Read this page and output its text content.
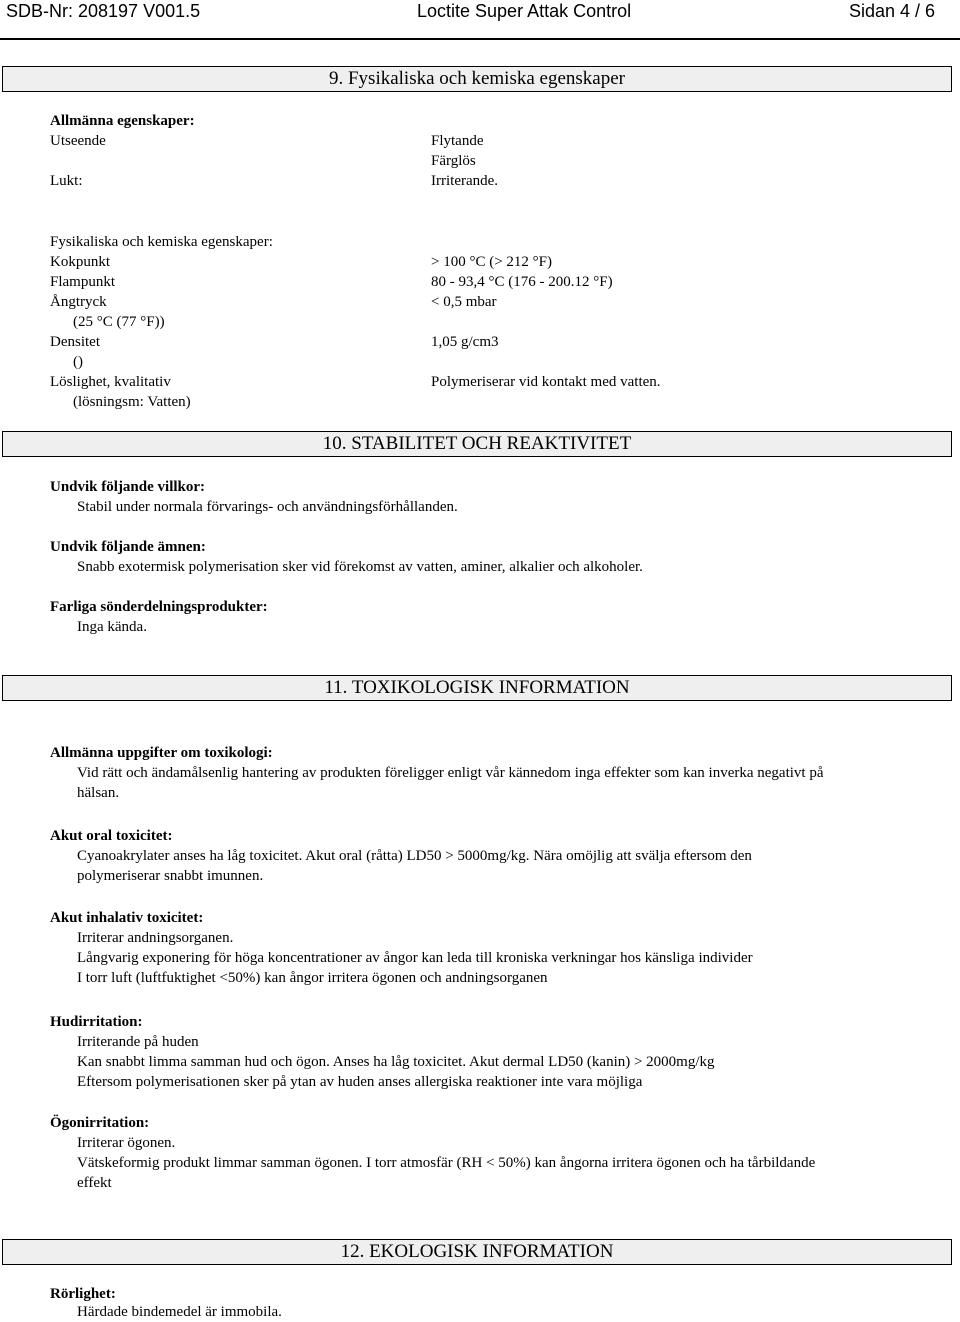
SDB-Nr: 208197 V001.5	Loctite Super Attak Control	Sidan 4 / 6
9. Fysikaliska och kemiska egenskaper
Allmänna egenskaper:
Utseende	Flytande
Färglös
Lukt:	Irriterande.
Fysikaliska och kemiska egenskaper:
Kokpunkt	> 100 °C (> 212 °F)
Flampunkt	80 - 93,4 °C (176 - 200.12 °F)
Ångtryck	< 0,5 mbar
(25 °C (77 °F))
Densitet	1,05 g/cm3
()
Löslighet, kvalitativ	Polymeriserar vid kontakt med vatten.
(lösningsm: Vatten)
10. STABILITET OCH REAKTIVITET
Undvik följande villkor:
Stabil under normala förvarings- och användningsförhållanden.
Undvik följande ämnen:
Snabb exotermisk polymerisation sker vid förekomst av vatten, aminer, alkalier och alkoholer.
Farliga sönderdelningsprodukter:
Inga kända.
11. TOXIKOLOGISK INFORMATION
Allmänna uppgifter om toxikologi:
Vid rätt och ändamålsenlig hantering av produkten föreligger enligt vår kännedom inga effekter som kan inverka negativt på
hälsan.
Akut oral toxicitet:
Cyanoakrylater anses ha låg toxicitet. Akut oral (råtta) LD50 > 5000mg/kg. Nära omöjlig att svälja eftersom den
polymeriserar snabbt imunnen.
Akut inhalativ toxicitet:
Irriterar andningsorganen.
Långvarig exponering för höga koncentrationer av ångor kan leda till kroniska verkningar hos känsliga individer
I torr luft (luftfuktighet <50%) kan ångor irritera ögonen och andningsorganen
Hudirritation:
Irriterande på huden
Kan snabbt limma samman hud och ögon. Anses ha låg toxicitet. Akut dermal LD50 (kanin) > 2000mg/kg
Eftersom polymerisationen sker på ytan av huden anses allergiska reaktioner inte vara möjliga
Ögonirritation:
Irriterar ögonen.
Vätskeformig produkt limmar samman ögonen. I torr atmosfär (RH < 50%) kan ångorna irritera ögonen och ha tårbildande
effekt
12. EKOLOGISK INFORMATION
Rörlighet:
Härdade bindemedel är immobila.
